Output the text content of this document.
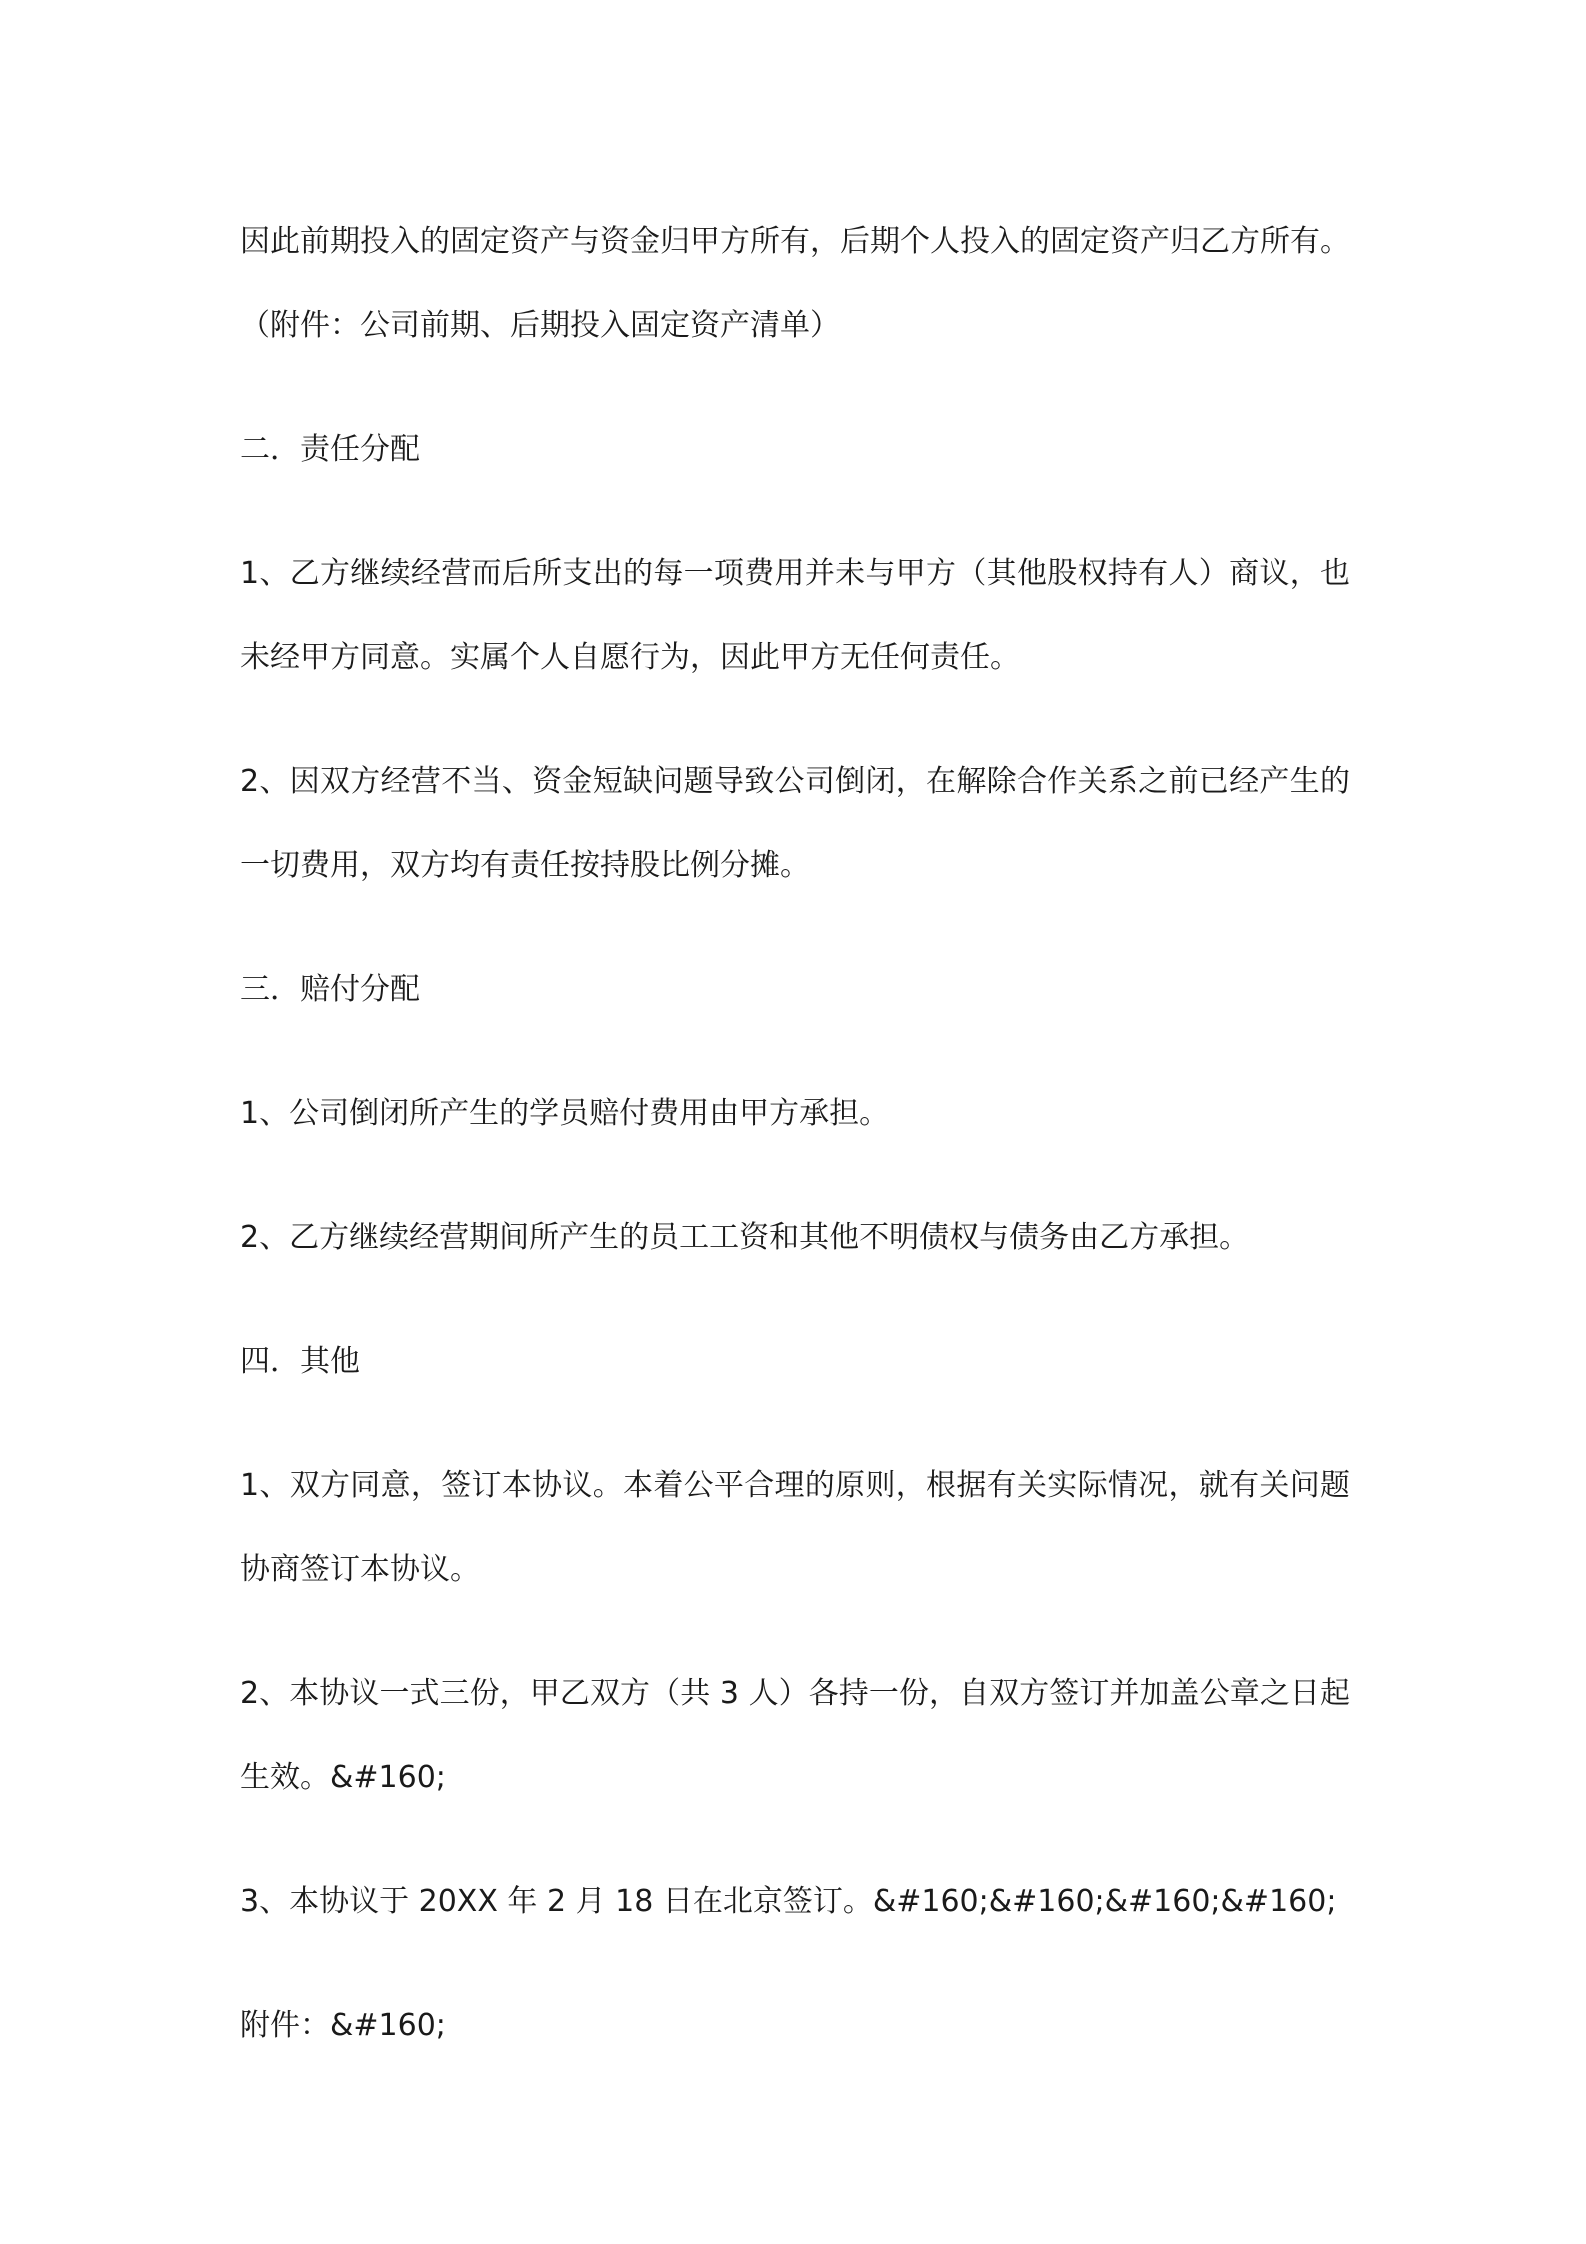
因此前期投入的固定资产与资金归甲方所有，后期个人投入的固定资产归乙方所有。（附件：公司前期、后期投入固定资产清单）

二．责任分配

1、乙方继续经营而后所支出的每一项费用并未与甲方（其他股权持有人）商议，也未经甲方同意。实属个人自愿行为，因此甲方无任何责任。

2、因双方经营不当、资金短缺问题导致公司倒闭，在解除合作关系之前已经产生的一切费用，双方均有责任按持股比例分摊。

三．赔付分配

1、公司倒闭所产生的学员赔付费用由甲方承担。

2、乙方继续经营期间所产生的员工工资和其他不明债权与债务由乙方承担。

四．其他

1、双方同意，签订本协议。本着公平合理的原则，根据有关实际情况，就有关问题协商签订本协议。

2、本协议一式三份，甲乙双方（共 3 人）各持一份，自双方签订并加盖公章之日起生效。&#160;

3、本协议于 20XX 年 2 月 18 日在北京签订。&#160;&#160;&#160;&#160;

附件：&#160;
